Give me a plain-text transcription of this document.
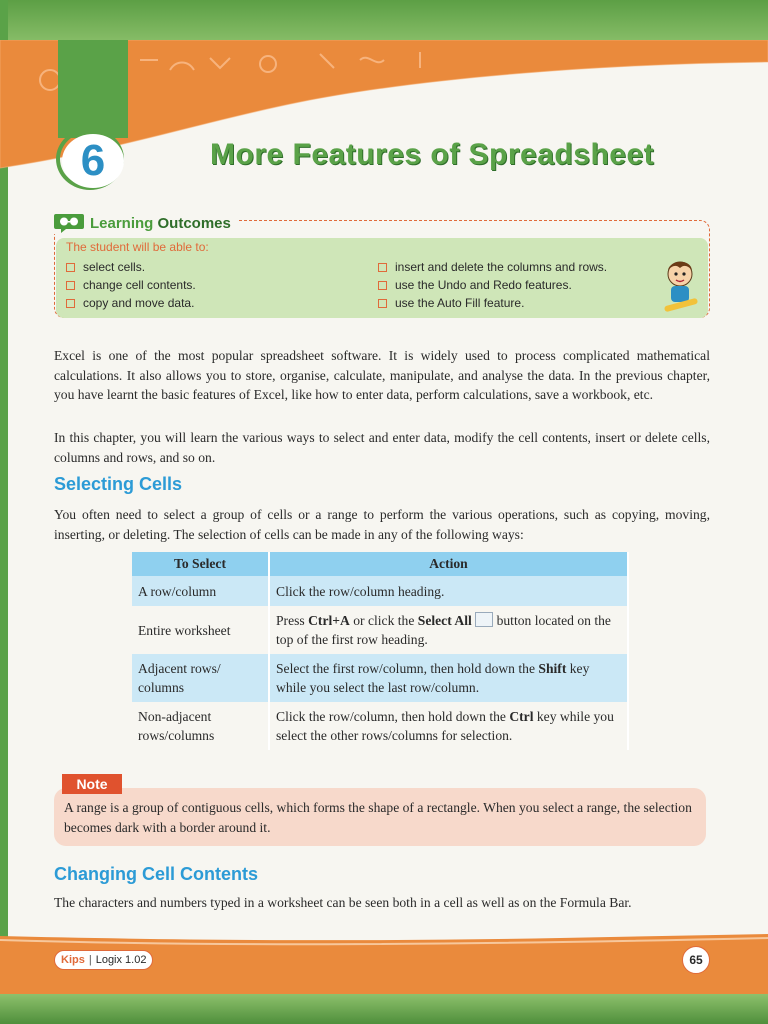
6	More Features of Spreadsheet
Learning Outcomes
The student will be able to:
select cells.
change cell contents.
copy and move data.
insert and delete the columns and rows.
use the Undo and Redo features.
use the Auto Fill feature.
Excel is one of the most popular spreadsheet software. It is widely used to process complicated mathematical calculations. It also allows you to store, organise, calculate, manipulate, and analyse the data. In the previous chapter, you have learnt the basic features of Excel, like how to enter data, perform calculations, save a workbook, etc.
In this chapter, you will learn the various ways to select and enter data, modify the cell contents, insert or delete cells, columns and rows, and so on.
Selecting Cells
You often need to select a group of cells or a range to perform the various operations, such as copying, moving, inserting, or deleting. The selection of cells can be made in any of the following ways:
To Select	Action
A row/column	Click the row/column heading.
Entire worksheet	Press Ctrl+A or click the Select All  button located on the top of the first row heading.
Adjacent rows/ columns	Select the first row/column, then hold down the Shift key while you select the last row/column.
Non-adjacent rows/columns	Click the row/column, then hold down the Ctrl key while you select the other rows/columns for selection.
Note
A range is a group of contiguous cells, which forms the shape of a rectangle. When you select a range, the selection becomes dark with a border around it.
Changing Cell Contents
The characters and numbers typed in a worksheet can be seen both in a cell as well as on the Formula Bar.
Kips | Logix 1.02	65
